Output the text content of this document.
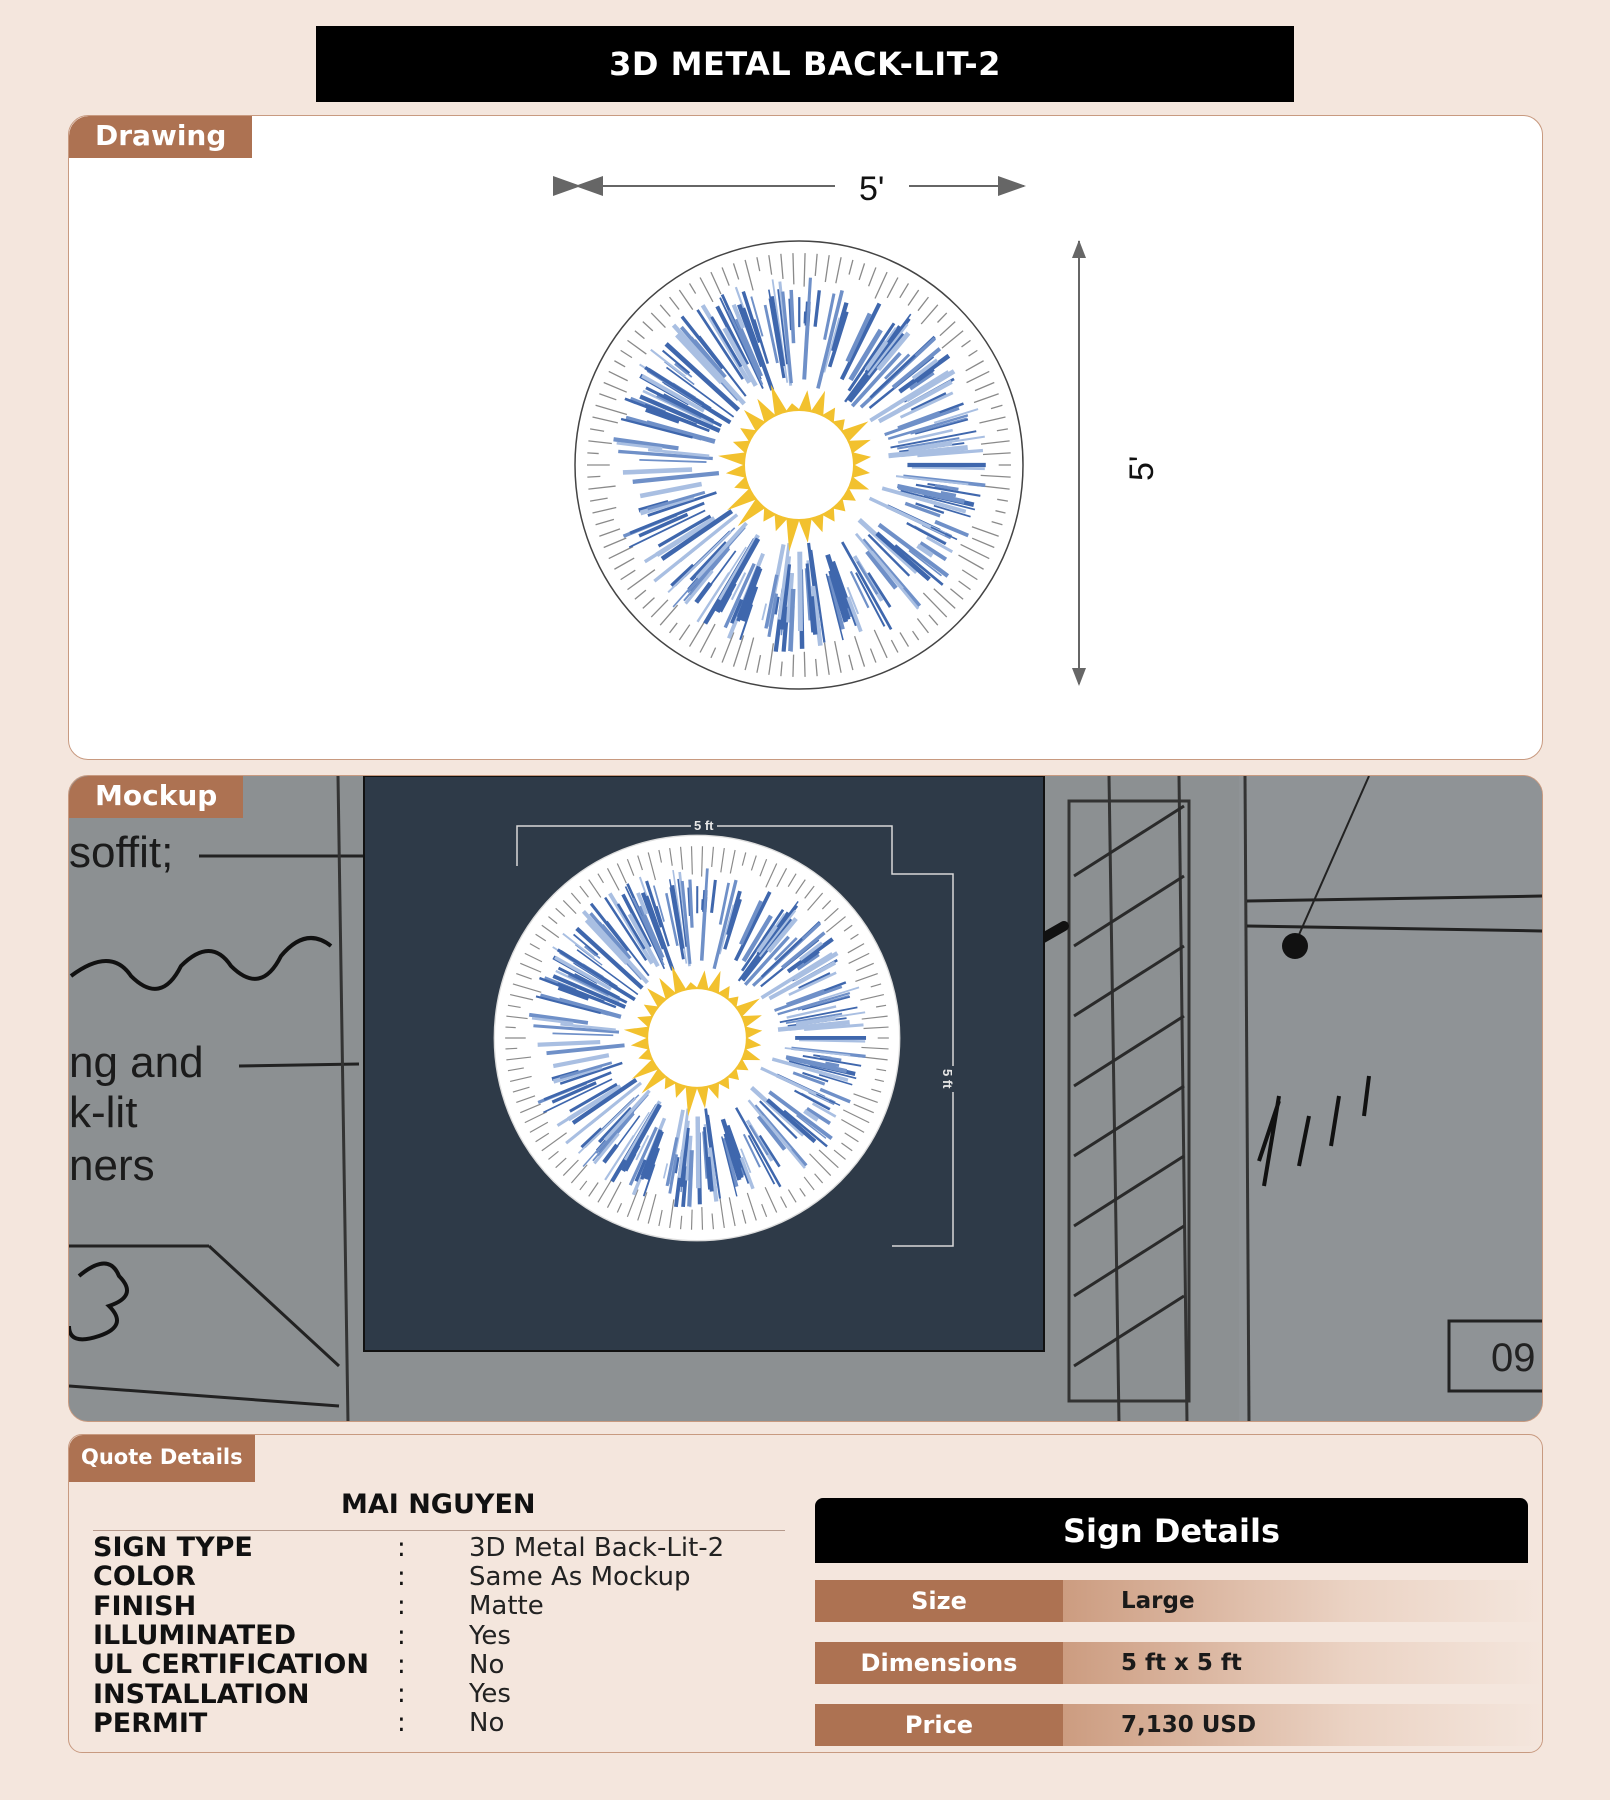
3D METAL BACK-LIT-2
Drawing
5'
5'
Mockup
soffit;
ng and
k-lit
ners
09
5 ft
5 ft
Quote Details
MAI NGUYEN
SIGN TYPE	:	3D Metal Back-Lit-2
COLOR	:	Same As Mockup
FINISH	:	Matte
ILLUMINATED	:	Yes
UL CERTIFICATION	:	No
INSTALLATION	:	Yes
PERMIT	:	No
Sign Details
Size	Large
Dimensions	5 ft x 5 ft
Price	7,130 USD
